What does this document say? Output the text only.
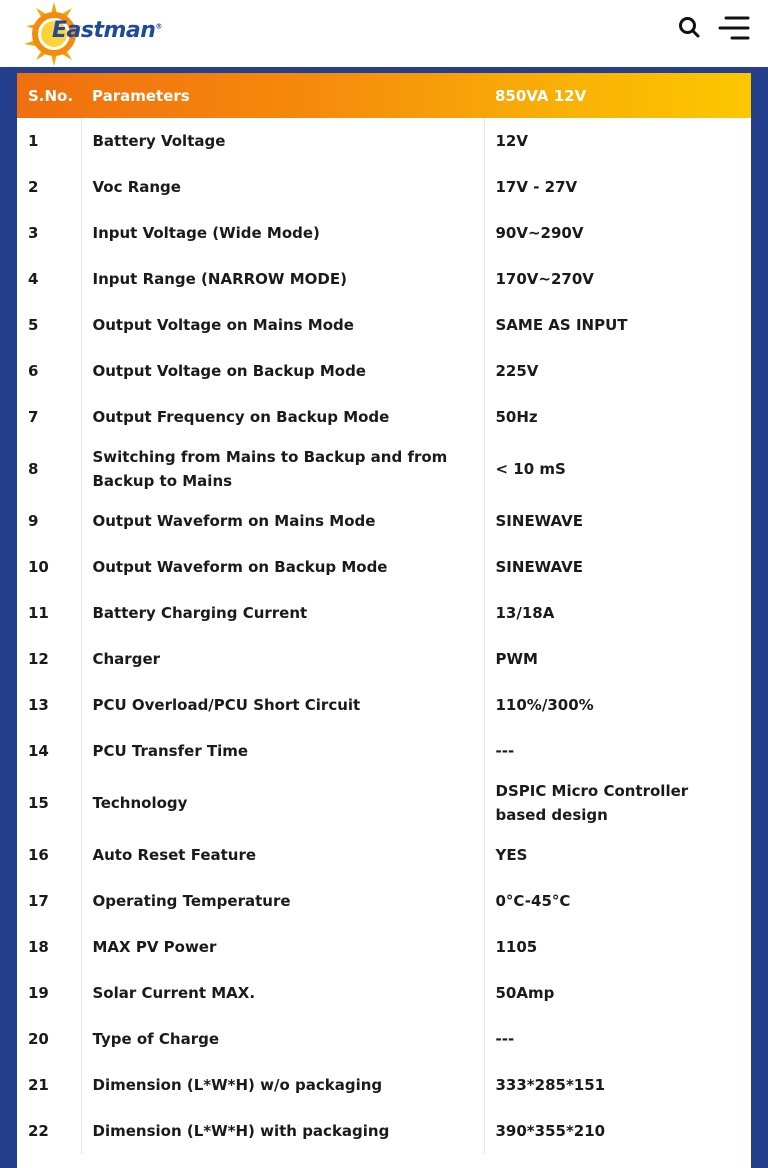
Eastman®
S.No.	Parameters	850VA 12V
1	Battery Voltage	12V
2	Voc Range	17V - 27V
3	Input Voltage (Wide Mode)	90V~290V
4	Input Range (NARROW MODE)	170V~270V
5	Output Voltage on Mains Mode	SAME AS INPUT
6	Output Voltage on Backup Mode	225V
7	Output Frequency on Backup Mode	50Hz
8	Switching from Mains to Backup and from Backup to Mains	< 10 mS
9	Output Waveform on Mains Mode	SINEWAVE
10	Output Waveform on Backup Mode	SINEWAVE
11	Battery Charging Current	13/18A
12	Charger	PWM
13	PCU Overload/PCU Short Circuit	110%/300%
14	PCU Transfer Time	---
15	Technology	DSPIC Micro Controller based design
16	Auto Reset Feature	YES
17	Operating Temperature	0°C-45°C
18	MAX PV Power	1105
19	Solar Current MAX.	50Amp
20	Type of Charge	---
21	Dimension (L*W*H) w/o packaging	333*285*151
22	Dimension (L*W*H) with packaging	390*355*210
